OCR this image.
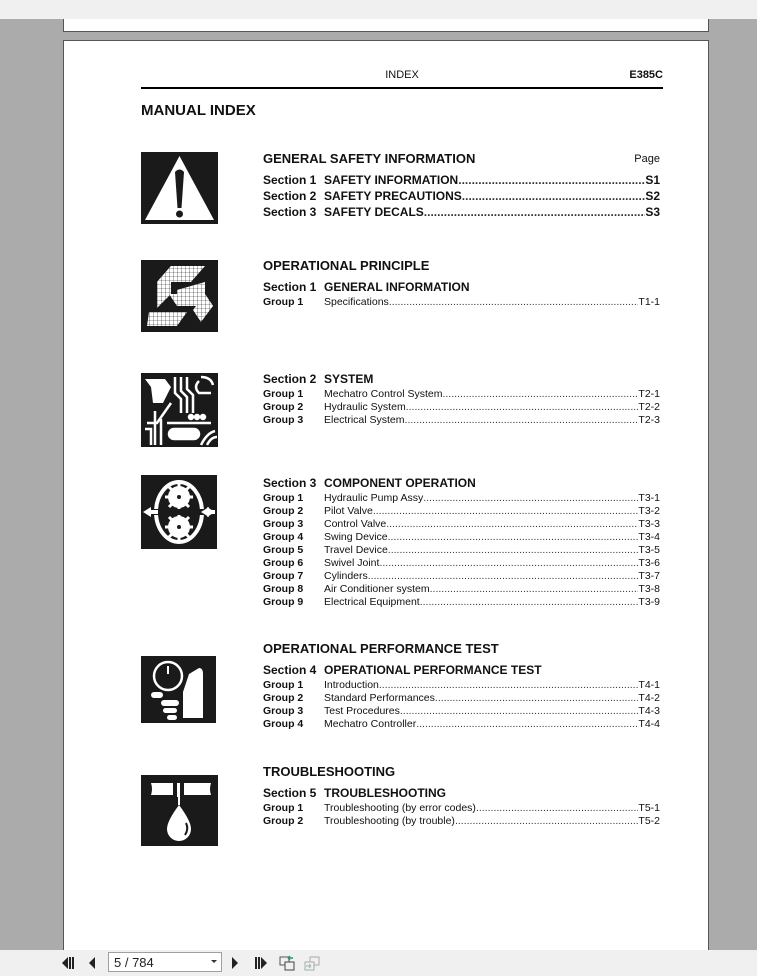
INDEX	E385C
MANUAL INDEX
GENERAL SAFETY INFORMATION	Page
Section 1 SAFETY INFORMATION .....	S1
Section 2 SAFETY PRECAUTIONS .....	S2
Section 3 SAFETY DECALS .....	S3
OPERATIONAL PRINCIPLE
Section 1 GENERAL INFORMATION
Group 1	Specifications .....	T1-1
Section 2 SYSTEM
Group 1	Mechatro Control System .....	T2-1
Group 2	Hydraulic System .....	T2-2
Group 3	Electrical System .....	T2-3
Section 3 COMPONENT OPERATION
Group 1	Hydraulic Pump Assy .....	T3-1
Group 2	Pilot Valve .....	T3-2
Group 3	Control Valve .....	T3-3
Group 4	Swing Device .....	T3-4
Group 5	Travel Device .....	T3-5
Group 6	Swivel Joint .....	T3-6
Group 7	Cylinders .....	T3-7
Group 8	Air Conditioner system .....	T3-8
Group 9	Electrical Equipment .....	T3-9
OPERATIONAL PERFORMANCE TEST
Section 4 OPERATIONAL PERFORMANCE TEST
Group 1	Introduction .....	T4-1
Group 2	Standard Performances .....	T4-2
Group 3	Test Procedures .....	T4-3
Group 4	Mechatro Controller .....	T4-4
TROUBLESHOOTING
Section 5 TROUBLESHOOTING
Group 1	Troubleshooting (by error codes) .....	T5-1
Group 2	Troubleshooting (by trouble) .....	T5-2
5 / 784
